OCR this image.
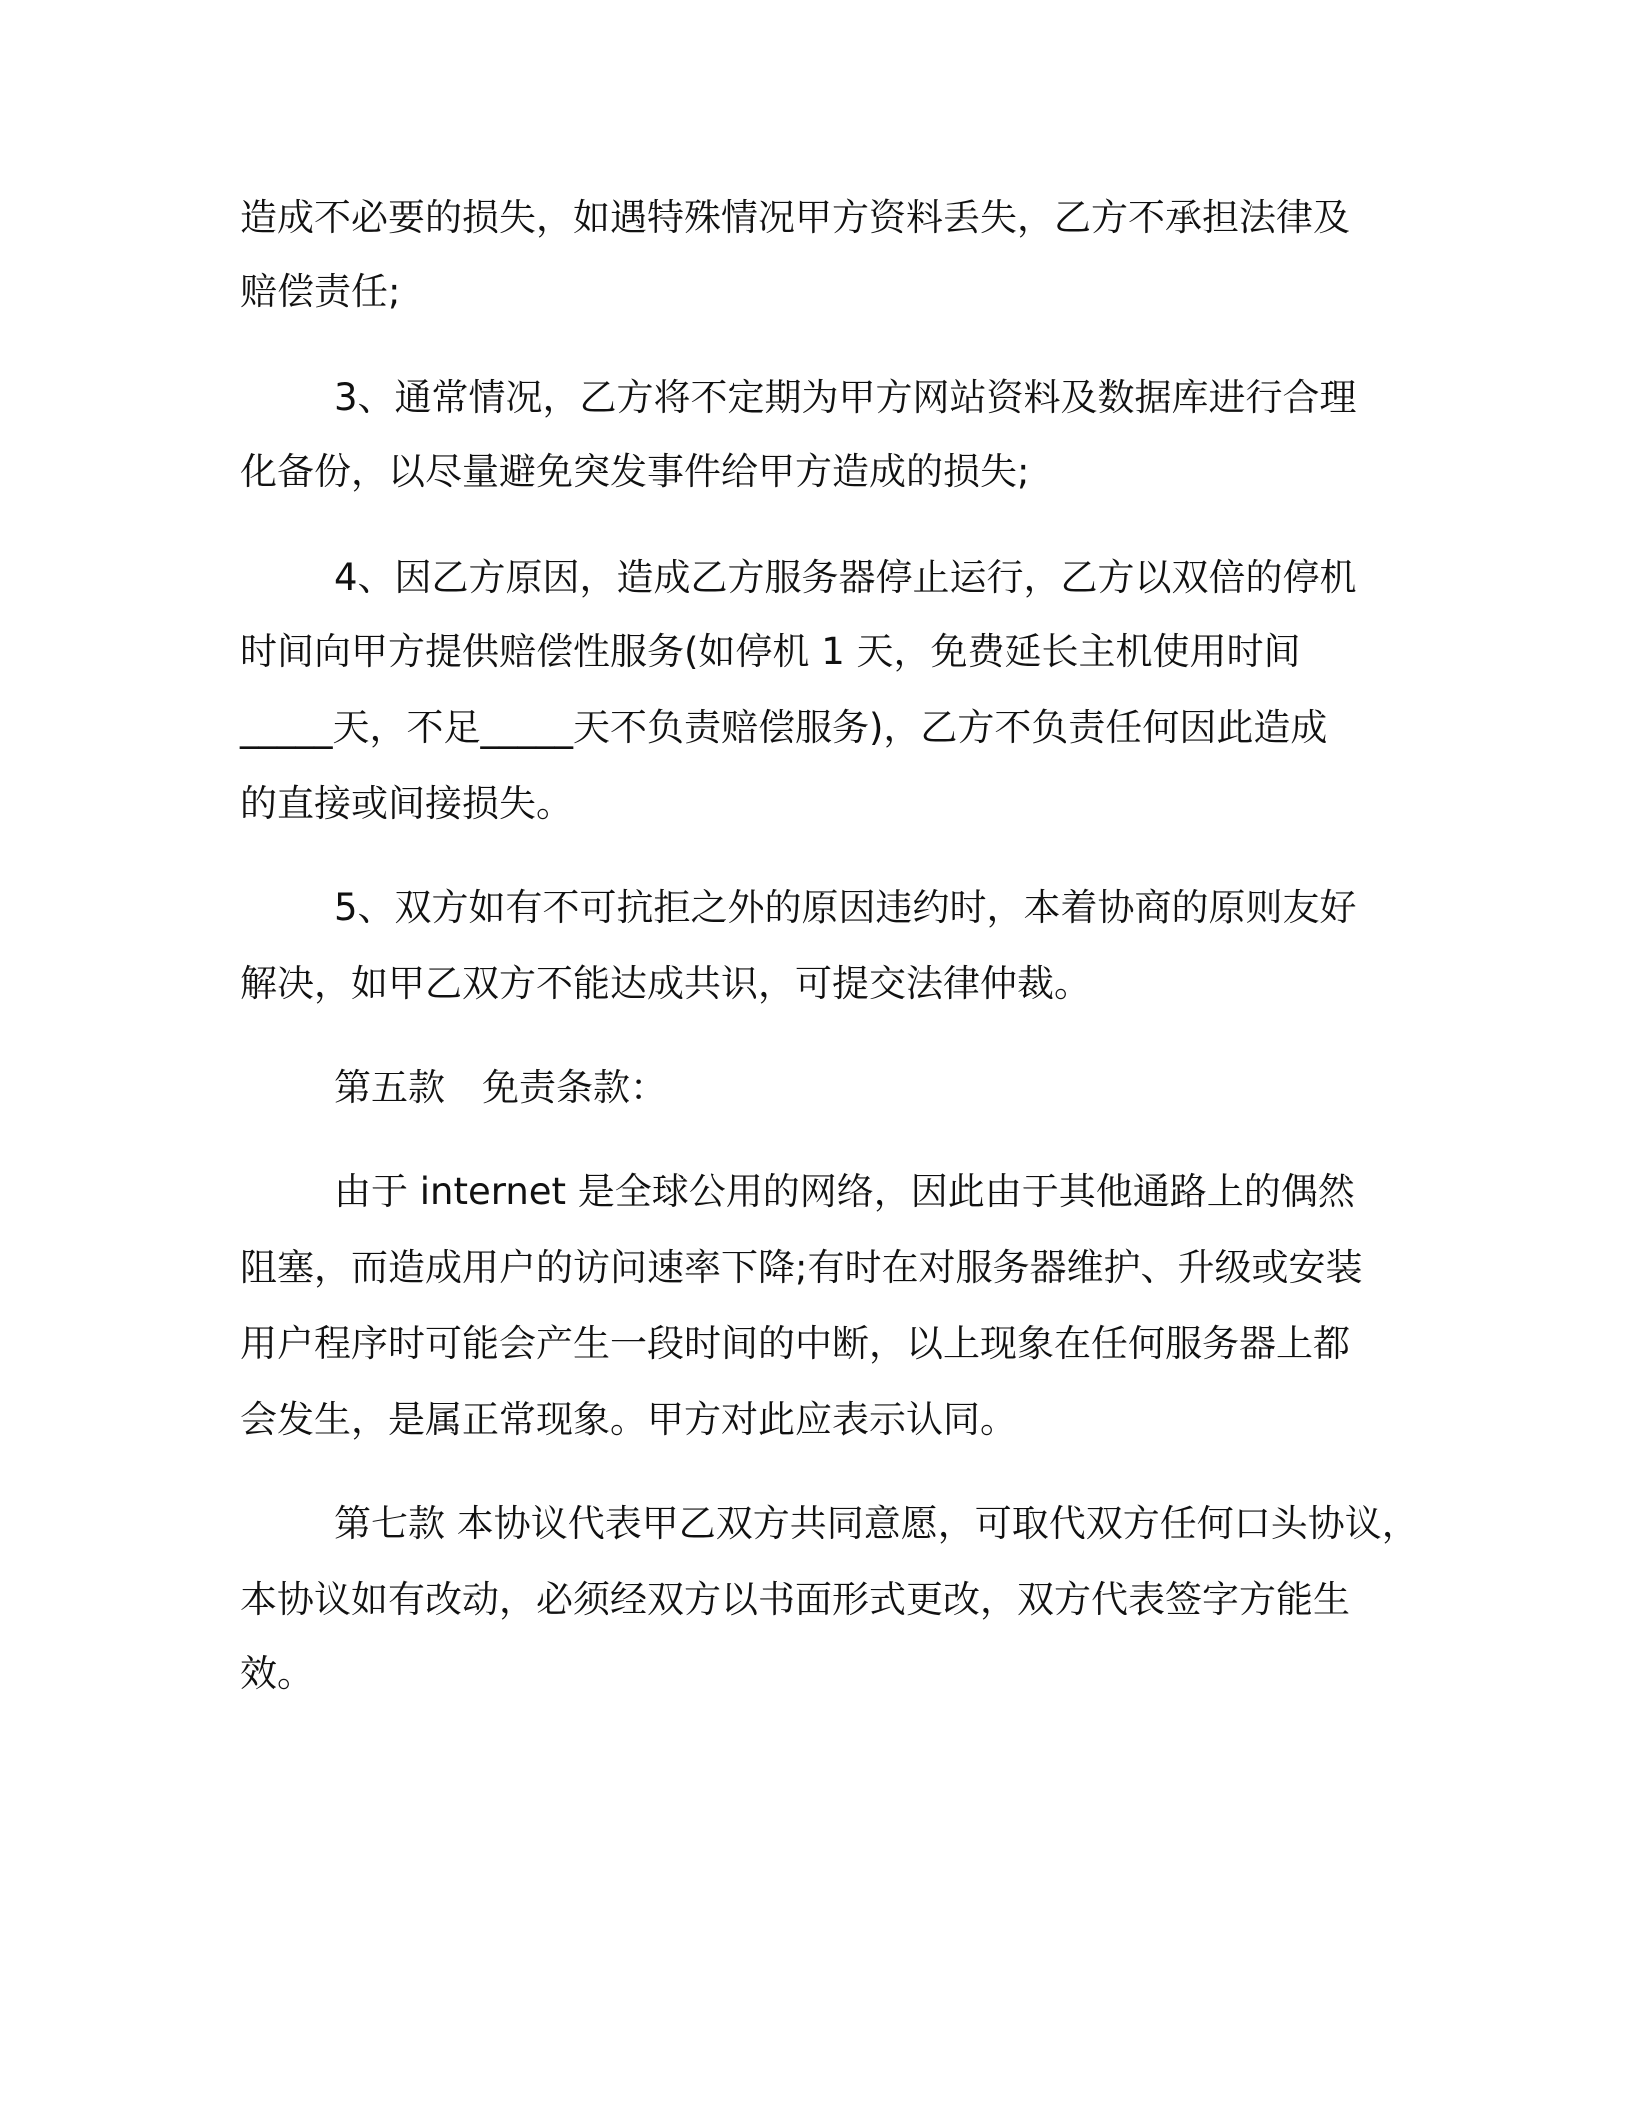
造成不必要的损失，如遇特殊情况甲方资料丢失，乙方不承担法律及

赔偿责任;

3、通常情况，乙方将不定期为甲方网站资料及数据库进行合理

化备份，以尽量避免突发事件给甲方造成的损失;

4、因乙方原因，造成乙方服务器停止运行，乙方以双倍的停机

时间向甲方提供赔偿性服务(如停机 1 天，免费延长主机使用时间

_____天，不足_____天不负责赔偿服务)，乙方不负责任何因此造成

的直接或间接损失。

5、双方如有不可抗拒之外的原因违约时，本着协商的原则友好

解决，如甲乙双方不能达成共识，可提交法律仲裁。

第五款　免责条款：

由于 internet 是全球公用的网络，因此由于其他通路上的偶然

阻塞，而造成用户的访问速率下降;有时在对服务器维护、升级或安装

用户程序时可能会产生一段时间的中断，以上现象在任何服务器上都

会发生，是属正常现象。甲方对此应表示认同。

第七款 本协议代表甲乙双方共同意愿，可取代双方任何口头协议，

本协议如有改动，必须经双方以书面形式更改，双方代表签字方能生

效。
